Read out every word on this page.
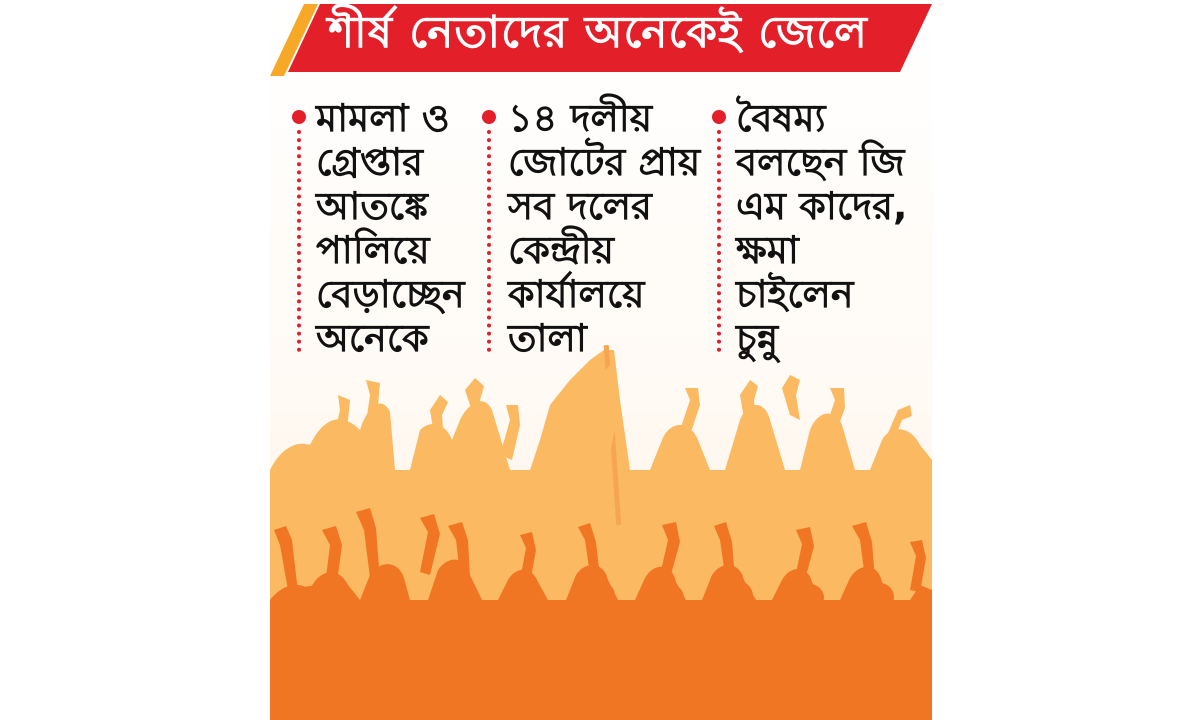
শীর্ষ নেতাদের অনেকেই জেলে
মামলা ও
গ্রেপ্তার
আতঙ্কে
পালিয়ে
বেড়াচ্ছেন
অনেকে
১৪ দলীয়
জোটের প্রায়
সব দলের
কেন্দ্রীয়
কার্যালয়ে
তালা
বৈষম্য
বলছেন জি
এম কাদের,
ক্ষমা
চাইলেন
চুন্নু
